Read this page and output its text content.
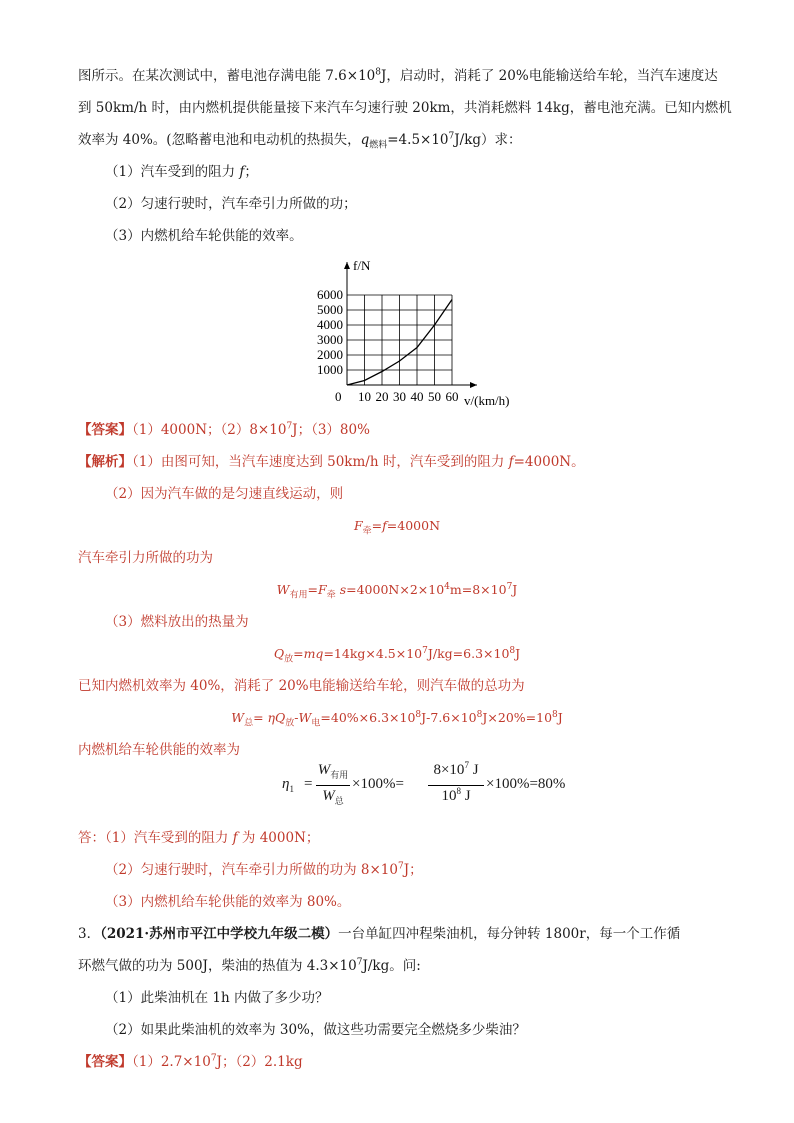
图所示。在某次测试中，蓄电池存满电能 $7.6\times 10^8J$，启动时，消耗了 20%电能输送给车轮，当汽车速度达
到 50km/h 时，由内燃机提供能量接下来汽车匀速行驶 20km，共消耗燃料 14kg，蓄电池充满。已知内燃机
效率为 40%。(忽略蓄电池和电动机的热损失，$q_{燃料}=4.5\times 10^7J/kg$）求：
（1）汽车受到的阻力 f；
（2）匀速行驶时，汽车牵引力所做的功；
（3）内燃机给车轮供能的效率。
f/N
v/(km/h)
0 10 20 30 40 50 60
1000
2000
3000
4000
5000
6000
【答案】（1）4000N；$(2)8\times 10^7J$；（3）80%
【解析】（1）由图可知，当汽车速度达到 50km/h 时，汽车受到的阻力 f=4000N。
（2）因为汽车做的是匀速直线运动，则
$F_牵=f=4000N$
汽车牵引力所做的功为
$W_{有用}=F_牵$ $s=4000N\times 2\times 10^4m=8\times 10^7J$
（3）燃料放出的热量为
$Q_放=mq=14kg\times 4.5\times 10^7J/kg=6.3\times 10^8J$
已知内燃机效率为 40%，消耗了 20%电能输送给车轮，则汽车做的总功为
$W_总= \eta Q_放-W_电=40\%\times 6.3\times 10^8J-7.6\times 10^8J\times 20\%=10^8J$
内燃机给车轮供能的效率为
$\eta_1$ =
$W_{有用}$
$W_总$
×100%=
$8\times 10^7$ J
$10^8$ J
×100%=80%
答：（1）汽车受到的阻力 f 为 4000N；
（2）匀速行驶时，汽车牵引力所做的功为 $8\times 10^7J$；
（3）内燃机给车轮供能的效率为 80%。
3．（2021·苏州市平江中学校九年级二模）一台单缸四冲程柴油机，每分钟转 1800r，每一个工作循
环燃气做的功为 500J，柴油的热值为 $4.3\times 10^7J/kg$。问:
（1）此柴油机在 1h 内做了多少功？
（2）如果此柴油机的效率为 30%，做这些功需要完全燃烧多少柴油？
【答案】$(1)2.7\times 10^7J$；（2）2.1kg
